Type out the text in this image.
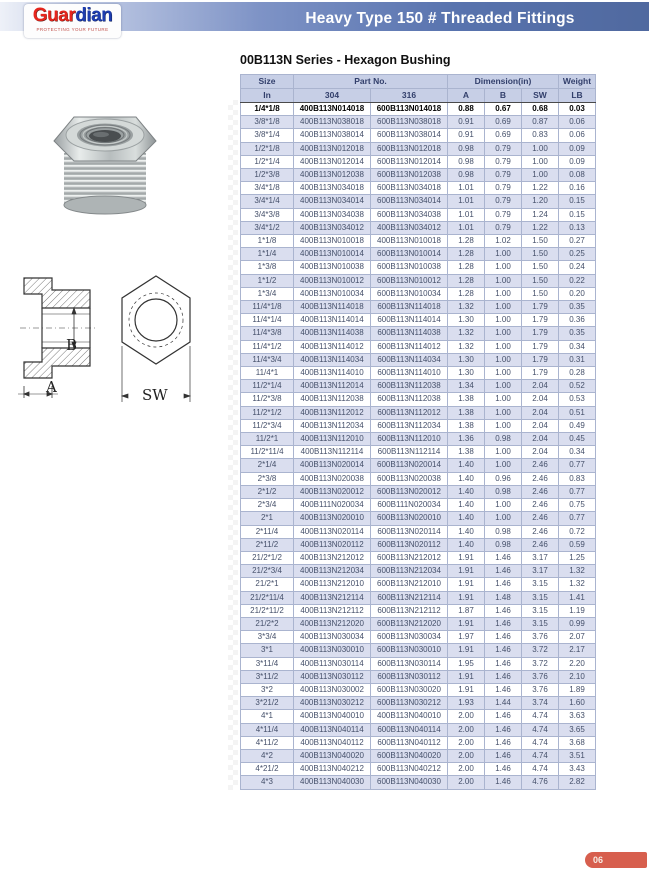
Heavy Type 150 # Threaded Fittings
Guardian
PROTECTING YOUR FUTURE
B
A	SW
00B113N Series - Hexagon Bushing
Size	Part No.		Dimension(in)			Weight
In	304	316	A	B	SW	LB
1/4*1/8	400B113N014018	600B113N014018	0.88	0.67	0.68	0.03
3/8*1/8	400B113N038018	600B113N038018	0.91	0.69	0.87	0.06
3/8*1/4	400B113N038014	600B113N038014	0.91	0.69	0.83	0.06
1/2*1/8	400B113N012018	600B113N012018	0.98	0.79	1.00	0.09
1/2*1/4	400B113N012014	600B113N012014	0.98	0.79	1.00	0.09
1/2*3/8	400B113N012038	600B113N012038	0.98	0.79	1.00	0.08
3/4*1/8	400B113N034018	600B113N034018	1.01	0.79	1.22	0.16
3/4*1/4	400B113N034014	600B113N034014	1.01	0.79	1.20	0.15
3/4*3/8	400B113N034038	600B113N034038	1.01	0.79	1.24	0.15
3/4*1/2	400B113N034012	400B113N034012	1.01	0.79	1.22	0.13
1*1/8	400B113N010018	400B113N010018	1.28	1.02	1.50	0.27
1*1/4	400B113N010014	600B113N010014	1.28	1.00	1.50	0.25
1*3/8	400B113N010038	600B113N010038	1.28	1.00	1.50	0.24
1*1/2	400B113N010012	600B113N010012	1.28	1.00	1.50	0.22
1*3/4	400B113N010034	600B113N010034	1.28	1.00	1.50	0.20
11/4*1/8	400B113N114018	600B113N114018	1.32	1.00	1.79	0.35
11/4*1/4	400B113N114014	600B113N114014	1.30	1.00	1.79	0.36
11/4*3/8	400B113N114038	600B113N114038	1.32	1.00	1.79	0.35
11/4*1/2	400B113N114012	600B113N114012	1.32	1.00	1.79	0.34
11/4*3/4	400B113N114034	600B113N114034	1.30	1.00	1.79	0.31
11/4*1	400B113N114010	600B113N114010	1.30	1.00	1.79	0.28
11/2*1/4	400B113N112014	600B113N112038	1.34	1.00	2.04	0.52
11/2*3/8	400B113N112038	600B113N112038	1.38	1.00	2.04	0.53
11/2*1/2	400B113N112012	600B113N112012	1.38	1.00	2.04	0.51
11/2*3/4	400B113N112034	600B113N112034	1.38	1.00	2.04	0.49
11/2*1	400B113N112010	600B113N112010	1.36	0.98	2.04	0.45
11/2*11/4	400B113N112114	600B113N112114	1.38	1.00	2.04	0.34
2*1/4	400B113N020014	600B113N020014	1.40	1.00	2.46	0.77
2*3/8	400B113N020038	600B113N020038	1.40	0.96	2.46	0.83
2*1/2	400B113N020012	600B113N020012	1.40	0.98	2.46	0.77
2*3/4	400B111N020034	600B111N020034	1.40	1.00	2.46	0.75
2*1	400B113N020010	600B113N020010	1.40	1.00	2.46	0.77
2*11/4	400B113N020114	600B113N020114	1.40	0.98	2.46	0.72
2*11/2	400B113N020112	600B113N020112	1.40	0.98	2.46	0.59
21/2*1/2	400B113N212012	600B113N212012	1.91	1.46	3.17	1.25
21/2*3/4	400B113N212034	600B113N212034	1.91	1.46	3.17	1.32
21/2*1	400B113N212010	600B113N212010	1.91	1.46	3.15	1.32
21/2*11/4	400B113N212114	600B113N212114	1.91	1.48	3.15	1.41
21/2*11/2	400B113N212112	600B113N212112	1.87	1.46	3.15	1.19
21/2*2	400B113N212020	600B113N212020	1.91	1.46	3.15	0.99
3*3/4	400B113N030034	600B113N030034	1.97	1.46	3.76	2.07
3*1	400B113N030010	600B113N030010	1.91	1.46	3.72	2.17
3*11/4	400B113N030114	600B113N030114	1.95	1.46	3.72	2.20
3*11/2	400B113N030112	600B113N030112	1.91	1.46	3.76	2.10
3*2	400B113N030002	600B113N030020	1.91	1.46	3.76	1.89
3*21/2	400B113N030212	600B113N030212	1.93	1.44	3.74	1.60
4*1	400B113N040010	400B113N040010	2.00	1.46	4.74	3.63
4*11/4	400B113N040114	600B113N040114	2.00	1.46	4.74	3.65
4*11/2	400B113N040112	600B113N040112	2.00	1.46	4.74	3.68
4*2	400B113N040020	600B113N040020	2.00	1.46	4.74	3.51
4*21/2	400B113N040212	600B113N040212	2.00	1.46	4.74	3.43
4*3	400B113N040030	600B113N040030	2.00	1.46	4.76	2.82
06
